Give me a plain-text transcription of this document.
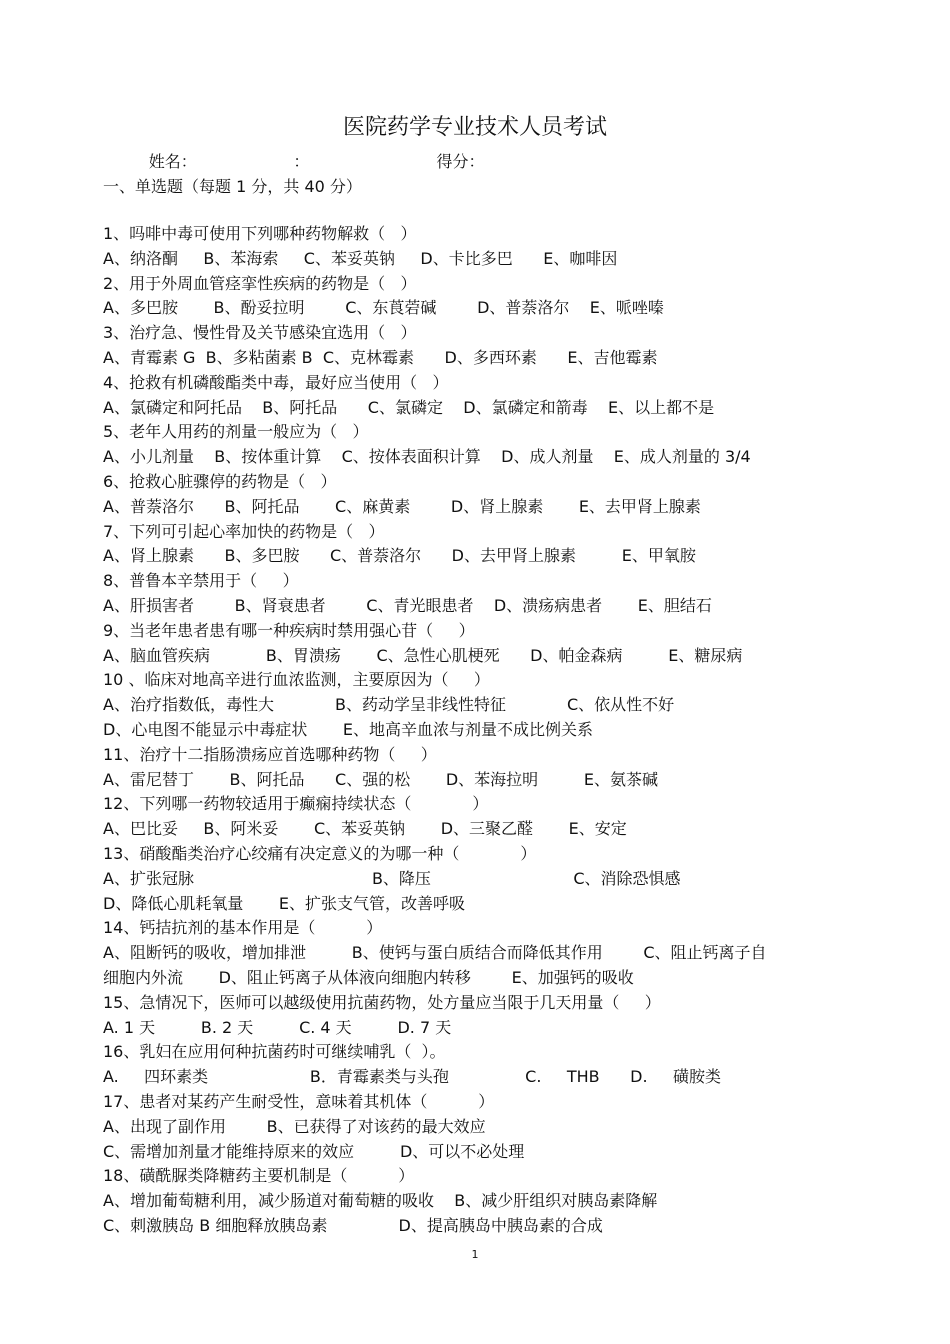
医院药学专业技术人员考试
姓名：                   ：                         得分：
一、单选题（每题 1 分，共 40 分）
1、吗啡中毒可使用下列哪种药物解救（   ）
A、纳洛酮     B、苯海索     C、苯妥英钠     D、卡比多巴      E、咖啡因
2、用于外周血管痉挛性疾病的药物是（   ）
A、多巴胺       B、酚妥拉明        C、东莨菪碱        D、普萘洛尔    E、哌唑嗪
3、治疗急、慢性骨及关节感染宜选用（   ）
A、青霉素 G  B、多粘菌素 B  C、克林霉素      D、多西环素      E、吉他霉素
4、抢救有机磷酸酯类中毒，最好应当使用（   ）
A、氯磷定和阿托品    B、阿托品      C、氯磷定    D、氯磷定和箭毒    E、以上都不是
5、老年人用药的剂量一般应为（   ）
A、小儿剂量    B、按体重计算    C、按体表面积计算    D、成人剂量    E、成人剂量的 3/4
6、抢救心脏骤停的药物是（   ）
A、普萘洛尔      B、阿托品       C、麻黄素        D、肾上腺素       E、去甲肾上腺素
7、下列可引起心率加快的药物是（   ）
A、肾上腺素      B、多巴胺      C、普萘洛尔      D、去甲肾上腺素         E、甲氧胺
8、普鲁本辛禁用于（     ）
A、肝损害者        B、肾衰患者        C、青光眼患者    D、溃疡病患者       E、胆结石
9、当老年患者患有哪一种疾病时禁用强心苷（     ）
A、脑血管疾病           B、胃溃疡       C、急性心肌梗死      D、帕金森病         E、糖尿病
10 、临床对地高辛进行血浓监测，主要原因为（     ）
A、治疗指数低，毒性大            B、药动学呈非线性特征            C、依从性不好
D、心电图不能显示中毒症状       E、地高辛血浓与剂量不成比例关系
11、治疗十二指肠溃疡应首选哪种药物（     ）
A、雷尼替丁       B、阿托品      C、强的松       D、苯海拉明         E、氨茶碱
12、下列哪一药物较适用于癫痫持续状态（            ）
A、巴比妥     B、阿米妥       C、苯妥英钠       D、三聚乙醛       E、安定
13、硝酸酯类治疗心绞痛有决定意义的为哪一种（            ）
A、扩张冠脉                                   B、降压                            C、消除恐惧感
D、降低心肌耗氧量       E、扩张支气管，改善呼吸
14、钙拮抗剂的基本作用是（          ）
A、阻断钙的吸收，增加排泄         B、使钙与蛋白质结合而降低其作用        C、阻止钙离子自
细胞内外流       D、阻止钙离子从体液向细胞内转移        E、加强钙的吸收
15、急情况下，医师可以越级使用抗菌药物，处方量应当限于几天用量（     ）
A. 1 天         B. 2 天         C. 4 天         D. 7 天
16、乳妇在应用何种抗菌药时可继续哺乳（  ）。
A.     四环素类                    B．青霉素类与头孢               C.     THB      D.     磺胺类
17、患者对某药产生耐受性，意味着其机体（          ）
A、出现了副作用        B、已获得了对该药的最大效应
C、需增加剂量才能维持原来的效应         D、可以不必处理
18、磺酰脲类降糖药主要机制是（          ）
A、增加葡萄糖利用，减少肠道对葡萄糖的吸收    B、减少肝组织对胰岛素降解
C、刺激胰岛 B 细胞释放胰岛素              D、提高胰岛中胰岛素的合成
1
